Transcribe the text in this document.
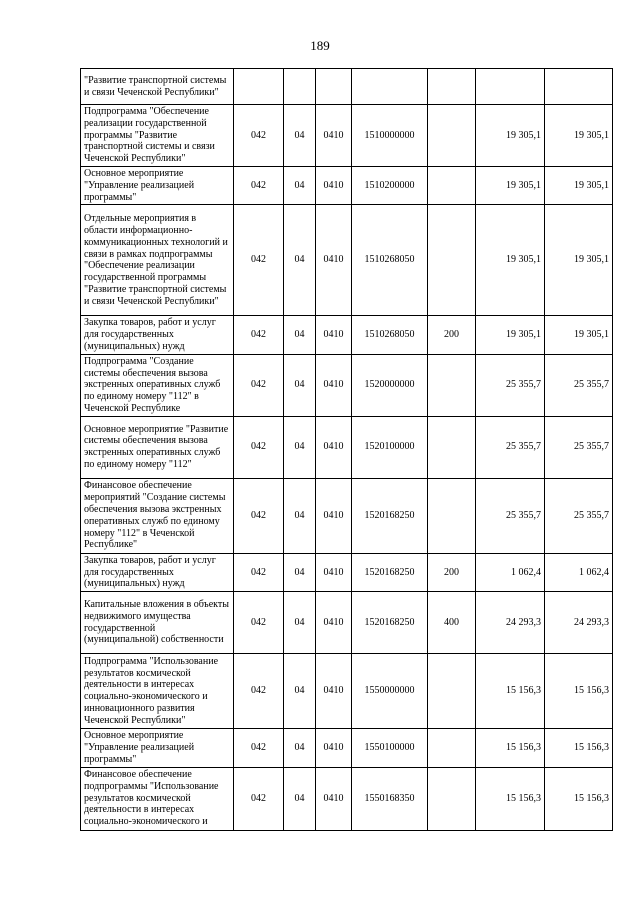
189
"Развитие транспортной системы и связи Чеченской Республики"							
Подпрограмма "Обеспечение реализации государственной программы "Развитие транспортной системы и связи Чеченской Республики"	042	04	0410	1510000000		19 305,1	19 305,1
Основное мероприятие "Управление реализацией программы"	042	04	0410	1510200000		19 305,1	19 305,1
Отдельные мероприятия в области информационно-коммуникационных технологий и связи в рамках подпрограммы "Обеспечение реализации государственной программы "Развитие транспортной системы и связи Чеченской Республики"	042	04	0410	1510268050		19 305,1	19 305,1
Закупка товаров, работ и услуг для государственных (муниципальных) нужд	042	04	0410	1510268050	200	19 305,1	19 305,1
Подпрограмма "Создание системы обеспечения вызова экстренных оперативных служб по единому номеру "112" в Чеченской Республике	042	04	0410	1520000000		25 355,7	25 355,7
Основное мероприятие "Развитие системы обеспечения вызова экстренных оперативных служб по единому номеру "112"	042	04	0410	1520100000		25 355,7	25 355,7
Финансовое обеспечение мероприятий "Создание системы обеспечения вызова экстренных оперативных служб по единому номеру "112" в Чеченской Республике"	042	04	0410	1520168250		25 355,7	25 355,7
Закупка товаров, работ и услуг для государственных (муниципальных) нужд	042	04	0410	1520168250	200	1 062,4	1 062,4
Капитальные вложения в объекты недвижимого имущества государственной (муниципальной) собственности	042	04	0410	1520168250	400	24 293,3	24 293,3
Подпрограмма "Использование результатов космической деятельности в интересах социально-экономического и инновационного развития Чеченской Республики"	042	04	0410	1550000000		15 156,3	15 156,3
Основное мероприятие "Управление реализацией программы"	042	04	0410	1550100000		15 156,3	15 156,3
Финансовое обеспечение подпрограммы "Использование результатов космической деятельности в интересах социально-экономического и	042	04	0410	1550168350		15 156,3	15 156,3
